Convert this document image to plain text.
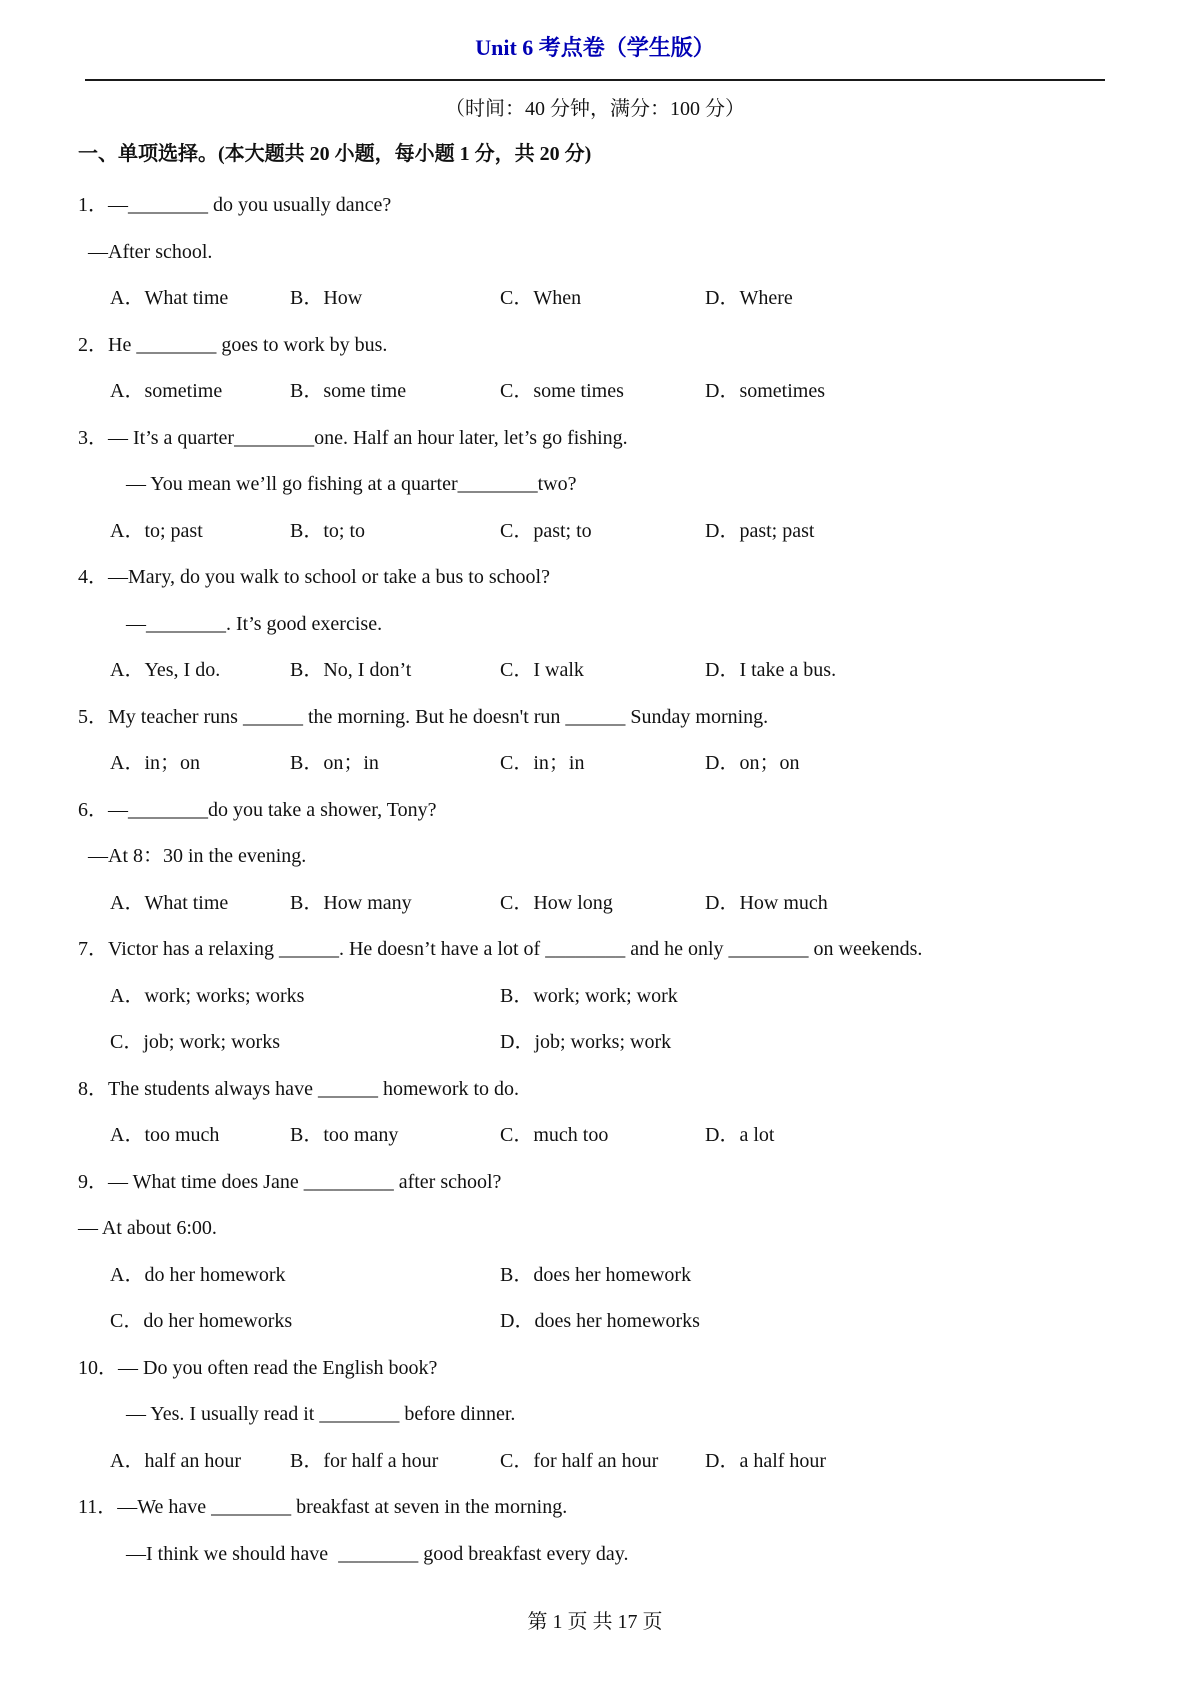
Unit 6 考点卷（学生版）
（时间：40 分钟，满分：100 分）
一、单项选择。(本大题共 20 小题，每小题 1 分，共 20 分)
1．—________ do you usually dance?
—After school.
A．What time	B．How	C．When	D．Where
2．He ________ goes to work by bus.
A．sometime	B．some time	C．some times	D．sometimes
3．— It’s a quarter________one. Half an hour later, let’s go fishing.
— You mean we’ll go fishing at a quarter________two?
A．to; past	B．to; to	C．past; to	D．past; past
4．—Mary, do you walk to school or take a bus to school?
—________. It’s good exercise.
A．Yes, I do.	B．No, I don’t	C．I walk	D．I take a bus.
5．My teacher runs ______ the morning. But he doesn't run ______ Sunday morning.
A．in；on	B．on；in	C．in；in	D．on；on
6．—________do you take a shower, Tony?
—At 8：30 in the evening.
A．What time	B．How many	C．How long	D．How much
7．Victor has a relaxing ______. He doesn’t have a lot of ________ and he only ________ on weekends.
A．work; works; works	B．work; work; work
C．job; work; works	D．job; works; work
8．The students always have ______ homework to do.
A．too much	B．too many	C．much too	D．a lot
9．— What time does Jane _________ after school?
— At about 6:00.
A．do her homework	B．does her homework
C．do her homeworks	D．does her homeworks
10．— Do you often read the English book?
— Yes. I usually read it ________ before dinner.
A．half an hour	B．for half a hour	C．for half an hour	D．a half hour
11．—We have ________ breakfast at seven in the morning.
—I think we should have  ________ good breakfast every day.
第 1 页 共 17 页
